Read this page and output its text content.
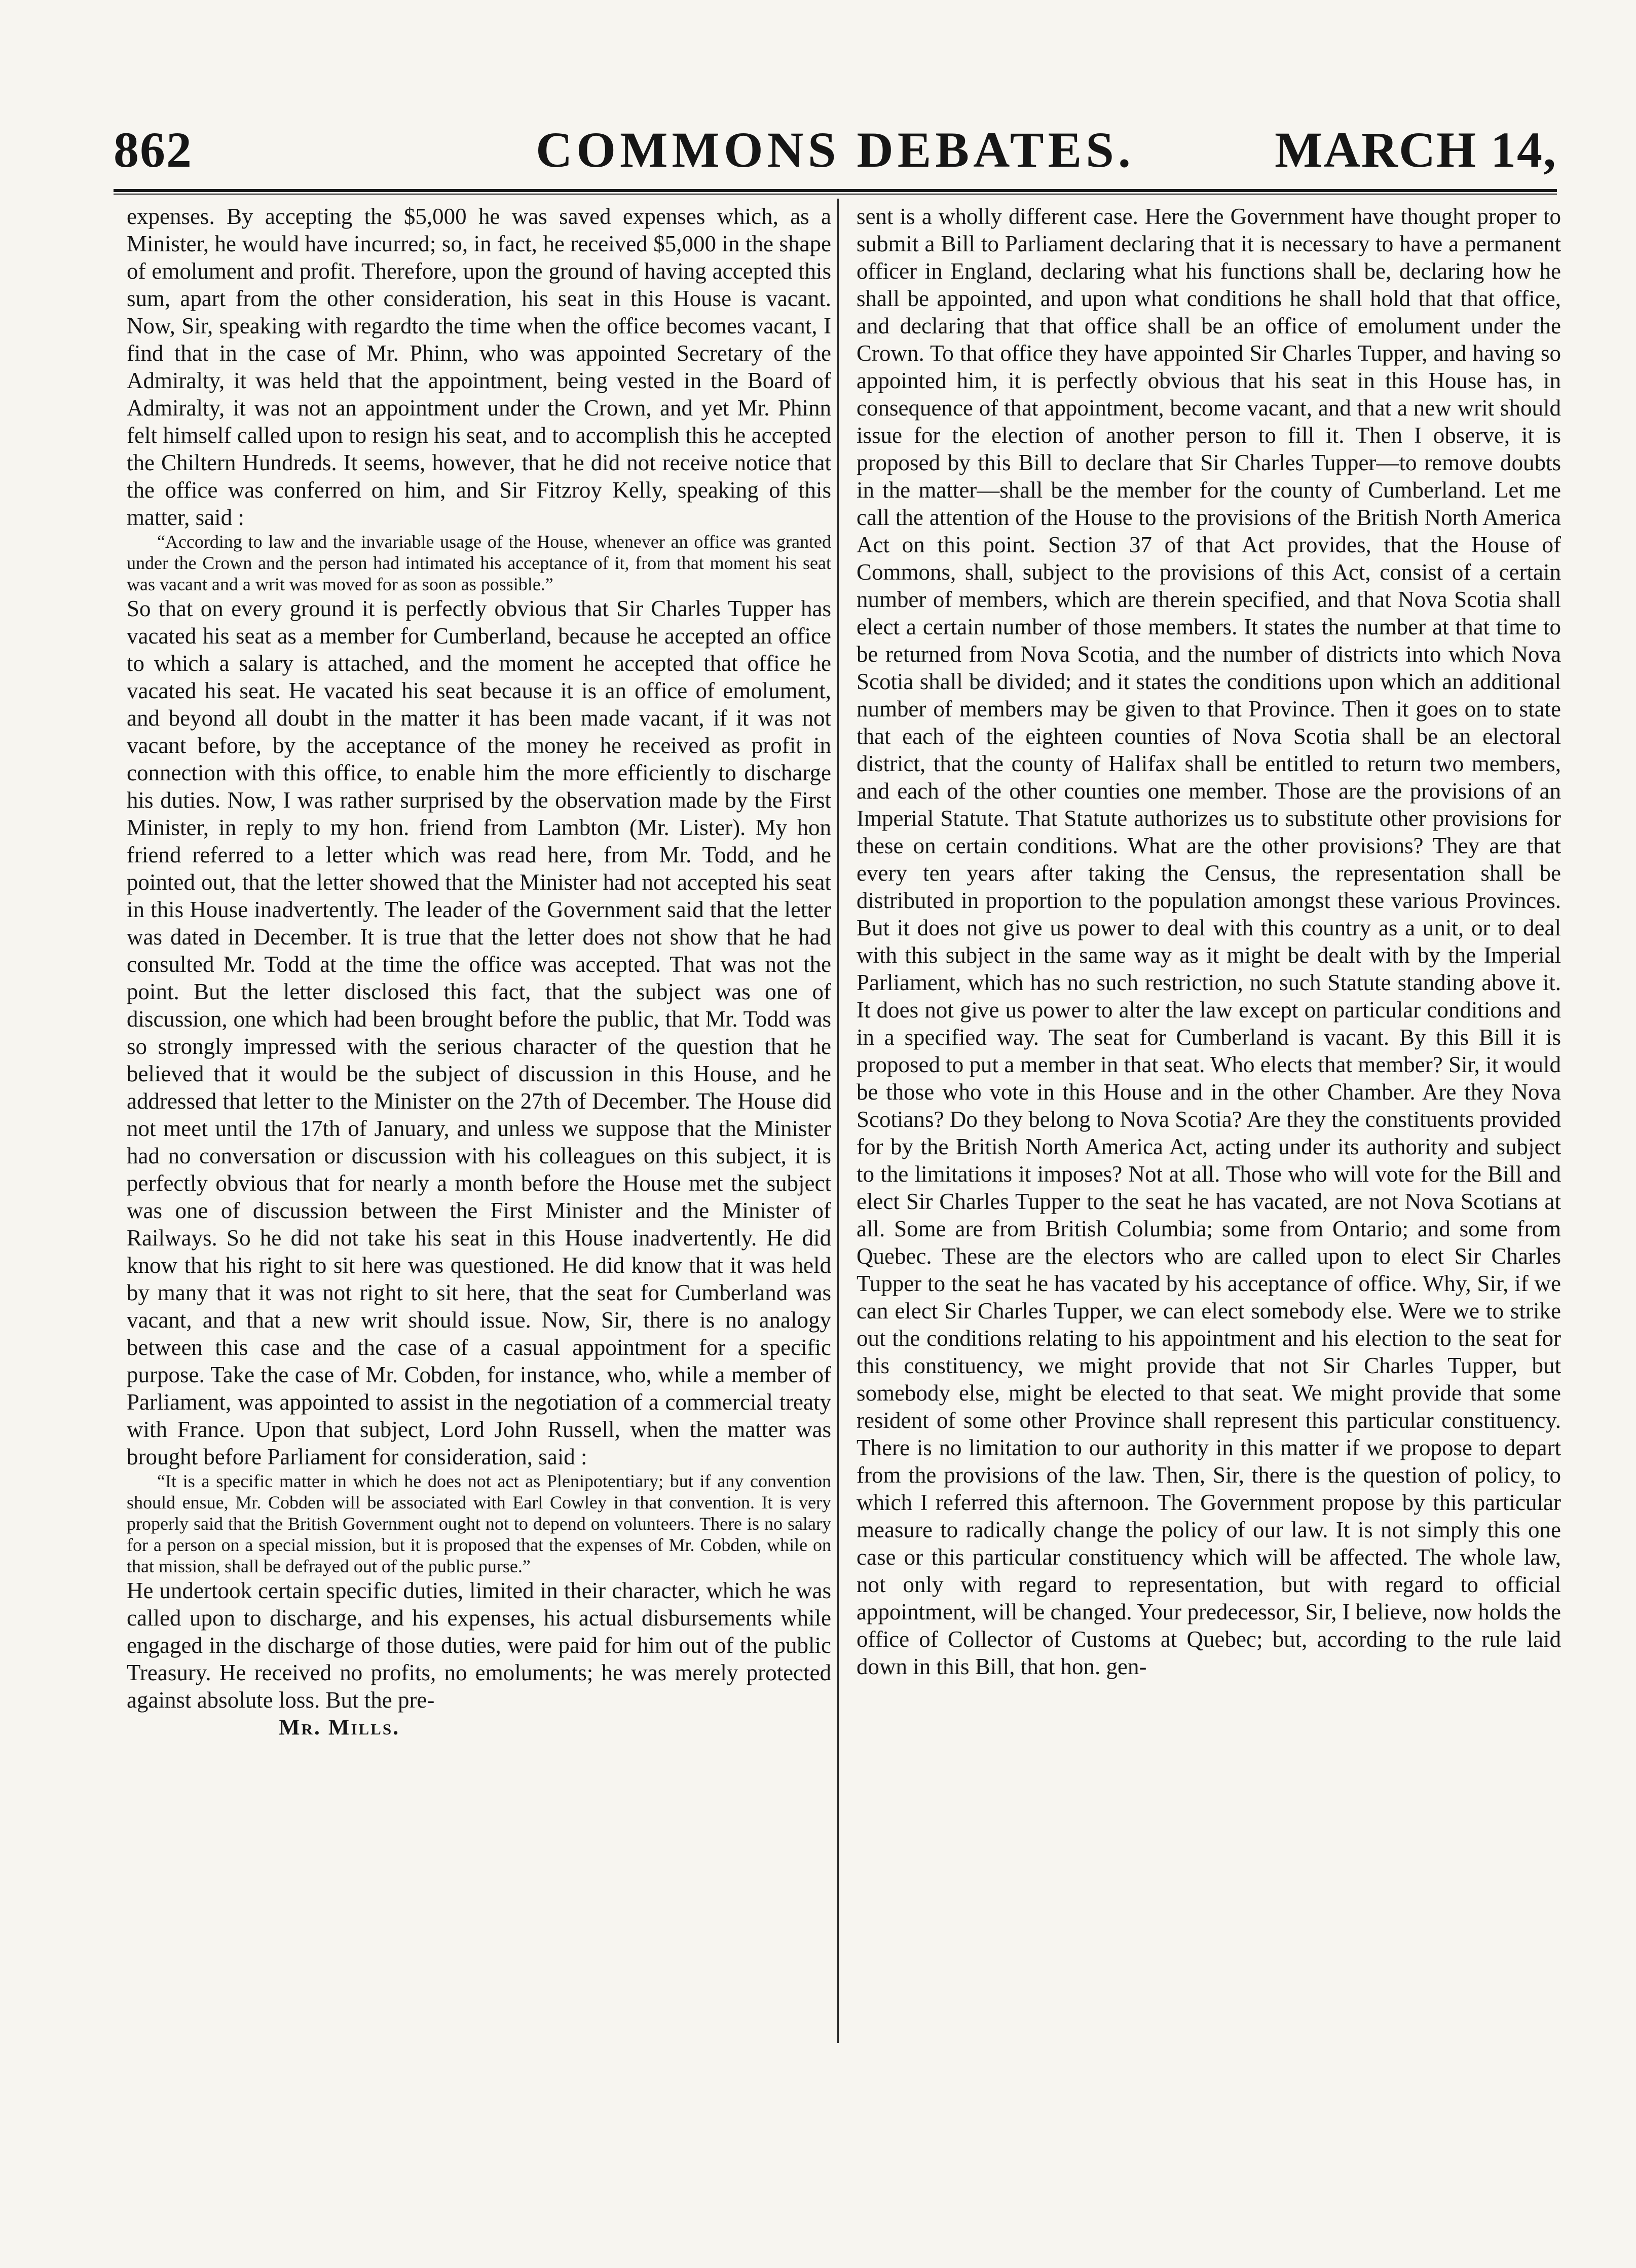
862	COMMONS DEBATES.	MARCH 14,

expenses. By accepting the $5,000 he was saved expenses which, as a Minister, he would have incurred; so, in fact, he received $5,000 in the shape of emolument and profit. Therefore, upon the ground of having accepted this sum, apart from the other consideration, his seat in this House is vacant. Now, Sir, speaking with regardto the time when the office becomes vacant, I find that in the case of Mr. Phinn, who was appointed Secretary of the Admiralty, it was held that the appointment, being vested in the Board of Admiralty, it was not an appointment under the Crown, and yet Mr. Phinn felt himself called upon to resign his seat, and to accomplish this he accepted the Chiltern Hundreds. It seems, however, that he did not receive notice that the office was conferred on him, and Sir Fitzroy Kelly, speaking of this matter, said :

“According to law and the invariable usage of the House, whenever an office was granted under the Crown and the person had intimated his acceptance of it, from that moment his seat was vacant and a writ was moved for as soon as possible.”

So that on every ground it is perfectly obvious that Sir Charles Tupper has vacated his seat as a member for Cumberland, because he accepted an office to which a salary is attached, and the moment he accepted that office he vacated his seat. He vacated his seat because it is an office of emolument, and beyond all doubt in the matter it has been made vacant, if it was not vacant before, by the acceptance of the money he received as profit in connection with this office, to enable him the more efficiently to discharge his duties. Now, I was rather surprised by the observation made by the First Minister, in reply to my hon. friend from Lambton (Mr. Lister). My hon friend referred to a letter which was read here, from Mr. Todd, and he pointed out, that the letter showed that the Minister had not accepted his seat in this House inadvertently. The leader of the Government said that the letter was dated in December. It is true that the letter does not show that he had consulted Mr. Todd at the time the office was accepted. That was not the point. But the letter disclosed this fact, that the subject was one of discussion, one which had been brought before the public, that Mr. Todd was so strongly impressed with the serious character of the question that he believed that it would be the subject of discussion in this House, and he addressed that letter to the Minister on the 27th of December. The House did not meet until the 17th of January, and unless we suppose that the Minister had no conversation or discussion with his colleagues on this subject, it is perfectly obvious that for nearly a month before the House met the subject was one of discussion between the First Minister and the Minister of Railways. So he did not take his seat in this House inadvertently. He did know that his right to sit here was questioned. He did know that it was held by many that it was not right to sit here, that the seat for Cumberland was vacant, and that a new writ should issue. Now, Sir, there is no analogy between this case and the case of a casual appointment for a specific purpose. Take the case of Mr. Cobden, for instance, who, while a member of Parliament, was appointed to assist in the negotiation of a commercial treaty with France. Upon that subject, Lord John Russell, when the matter was brought before Parliament for consideration, said :

“It is a specific matter in which he does not act as Plenipotentiary; but if any convention should ensue, Mr. Cobden will be associated with Earl Cowley in that convention. It is very properly said that the British Government ought not to depend on volunteers. There is no salary for a person on a special mission, but it is proposed that the expenses of Mr. Cobden, while on that mission, shall be defrayed out of the public purse.”

He undertook certain specific duties, limited in their character, which he was called upon to discharge, and his expenses, his actual disbursements while engaged in the discharge of those duties, were paid for him out of the public Treasury. He received no profits, no emoluments; he was merely protected against absolute loss. But the pre-

Mr. Mills.

sent is a wholly different case. Here the Government have thought proper to submit a Bill to Parliament declaring that it is necessary to have a permanent officer in England, declaring what his functions shall be, declaring how he shall be appointed, and upon what conditions he shall hold that that office, and declaring that that office shall be an office of emolument under the Crown. To that office they have appointed Sir Charles Tupper, and having so appointed him, it is perfectly obvious that his seat in this House has, in consequence of that appointment, become vacant, and that a new writ should issue for the election of another person to fill it. Then I observe, it is proposed by this Bill to declare that Sir Charles Tupper—to remove doubts in the matter—shall be the member for the county of Cumberland. Let me call the attention of the House to the provisions of the British North America Act on this point. Section 37 of that Act provides, that the House of Commons, shall, subject to the provisions of this Act, consist of a certain number of members, which are therein specified, and that Nova Scotia shall elect a certain number of those members. It states the number at that time to be returned from Nova Scotia, and the number of districts into which Nova Scotia shall be divided; and it states the conditions upon which an additional number of members may be given to that Province. Then it goes on to state that each of the eighteen counties of Nova Scotia shall be an electoral district, that the county of Halifax shall be entitled to return two members, and each of the other counties one member. Those are the provisions of an Imperial Statute. That Statute authorizes us to substitute other provisions for these on certain conditions. What are the other provisions? They are that every ten years after taking the Census, the representation shall be distributed in proportion to the population amongst these various Provinces. But it does not give us power to deal with this country as a unit, or to deal with this subject in the same way as it might be dealt with by the Imperial Parliament, which has no such restriction, no such Statute standing above it. It does not give us power to alter the law except on particular conditions and in a specified way. The seat for Cumberland is vacant. By this Bill it is proposed to put a member in that seat. Who elects that member? Sir, it would be those who vote in this House and in the other Chamber. Are they Nova Scotians? Do they belong to Nova Scotia? Are they the constituents provided for by the British North America Act, acting under its authority and subject to the limitations it imposes? Not at all. Those who will vote for the Bill and elect Sir Charles Tupper to the seat he has vacated, are not Nova Scotians at all. Some are from British Columbia; some from Ontario; and some from Quebec. These are the electors who are called upon to elect Sir Charles Tupper to the seat he has vacated by his acceptance of office. Why, Sir, if we can elect Sir Charles Tupper, we can elect somebody else. Were we to strike out the conditions relating to his appointment and his election to the seat for this constituency, we might provide that not Sir Charles Tupper, but somebody else, might be elected to that seat. We might provide that some resident of some other Province shall represent this particular constituency. There is no limitation to our authority in this matter if we propose to depart from the provisions of the law. Then, Sir, there is the question of policy, to which I referred this afternoon. The Government propose by this particular measure to radically change the policy of our law. It is not simply this one case or this particular constituency which will be affected. The whole law, not only with regard to representation, but with regard to official appointment, will be changed. Your predecessor, Sir, I believe, now holds the office of Collector of Customs at Quebec; but, according to the rule laid down in this Bill, that hon. gen-
